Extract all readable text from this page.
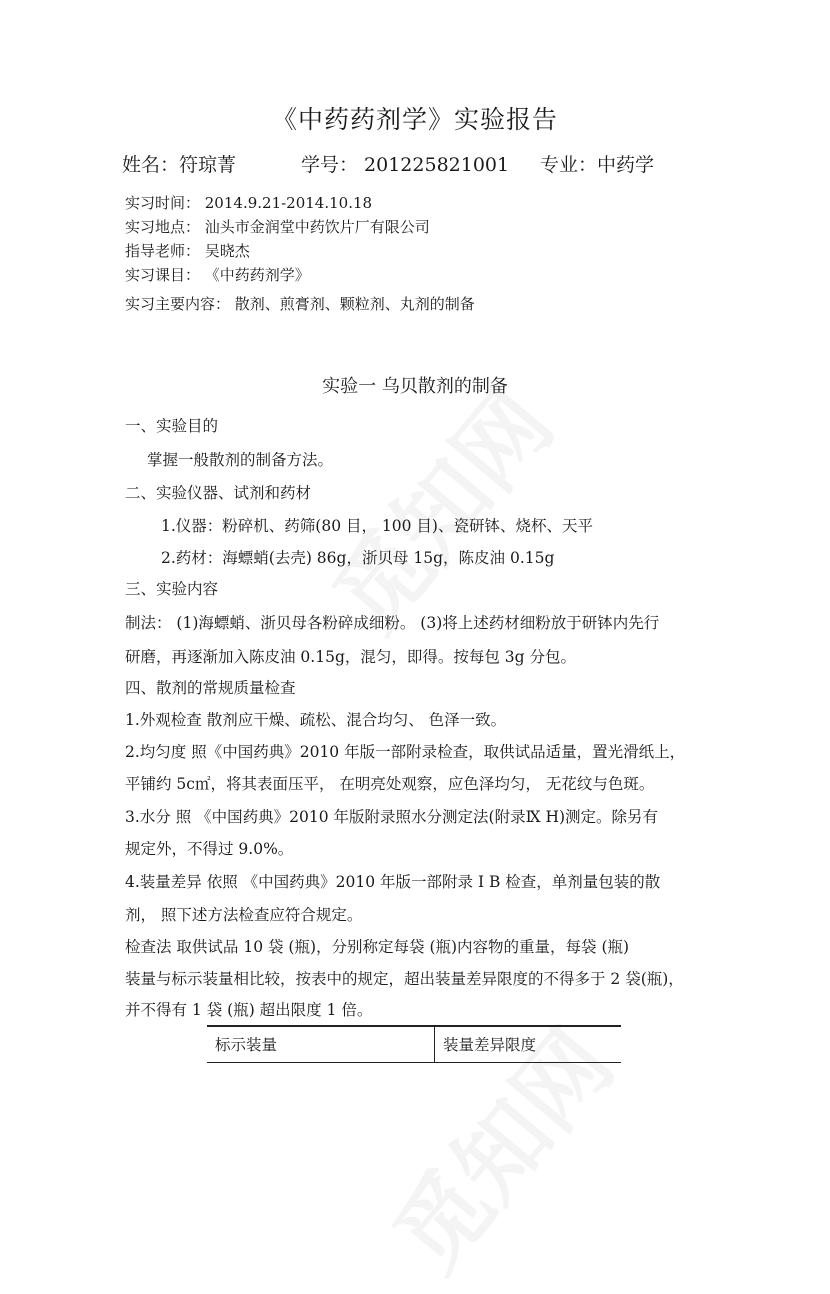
《中药药剂学》实验报告
姓名：符琼菁	学号： 201225821001 专业：中药学
实习时间： 2014.9.21-2014.10.18
实习地点： 汕头市金润堂中药饮片厂有限公司
指导老师： 吴晓杰
实习课目： 《中药药剂学》
实习主要内容： 散剂、煎膏剂、颗粒剂、丸剂的制备
实验一 乌贝散剂的制备
一、实验目的
掌握一般散剂的制备方法。
二、实验仪器、试剂和药材
1.仪器：粉碎机、药筛(80 目， 100 目)、瓷研钵、烧杯、天平
2.药材：海螵蛸(去壳) 86g，浙贝母 15g，陈皮油 0.15g
三、实验内容
制法： (1)海螵蛸、浙贝母各粉碎成细粉。 (3)将上述药材细粉放于研钵内先行
研磨，再逐渐加入陈皮油 0.15g，混匀，即得。按每包 3g 分包。
四、散剂的常规质量检查
1.外观检查 散剂应干燥、疏松、混合均匀、 色泽一致。
2.均匀度 照《中国药典》2010 年版一部附录检查，取供试品适量，置光滑纸上，
平铺约 5c㎡，将其表面压平， 在明亮处观察，应色泽均匀， 无花纹与色斑。
3.水分 照 《中国药典》2010 年版附录照水分测定法(附录Ⅸ H)测定。除另有
规定外，不得过 9.0%。
4.装量差异 依照 《中国药典》2010 年版一部附录 Ⅰ B 检查，单剂量包装的散
剂， 照下述方法检查应符合规定。
检查法 取供试品 10 袋 (瓶)，分别称定每袋 (瓶)内容物的重量，每袋 (瓶)
装量与标示装量相比较，按表中的规定，超出装量差异限度的不得多于 2 袋(瓶)，
并不得有 1 袋 (瓶) 超出限度 1 倍。
标示装量	装量差异限度
